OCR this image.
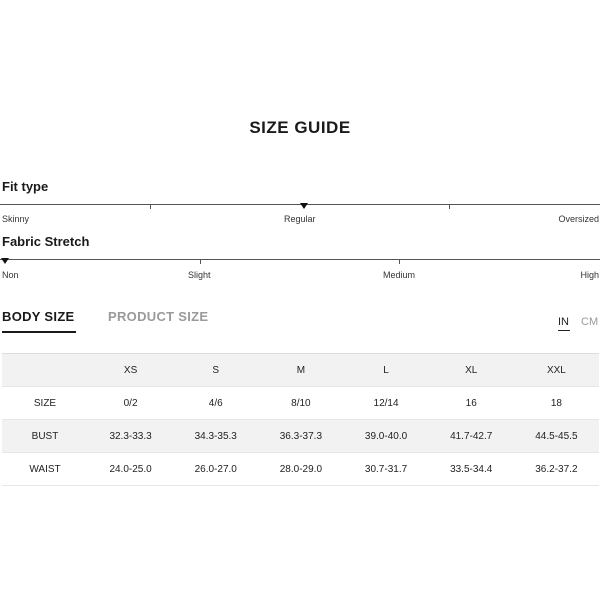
SIZE GUIDE
Fit type
Skinny	Regular	Oversized
Fabric Stretch
Non	Slight	Medium	High
BODY SIZE	PRODUCT SIZE	IN CM
	XS	S	M	L	XL	XXL
SIZE	0/2	4/6	8/10	12/14	16	18
BUST	32.3-33.3	34.3-35.3	36.3-37.3	39.0-40.0	41.7-42.7	44.5-45.5
WAIST	24.0-25.0	26.0-27.0	28.0-29.0	30.7-31.7	33.5-34.4	36.2-37.2
